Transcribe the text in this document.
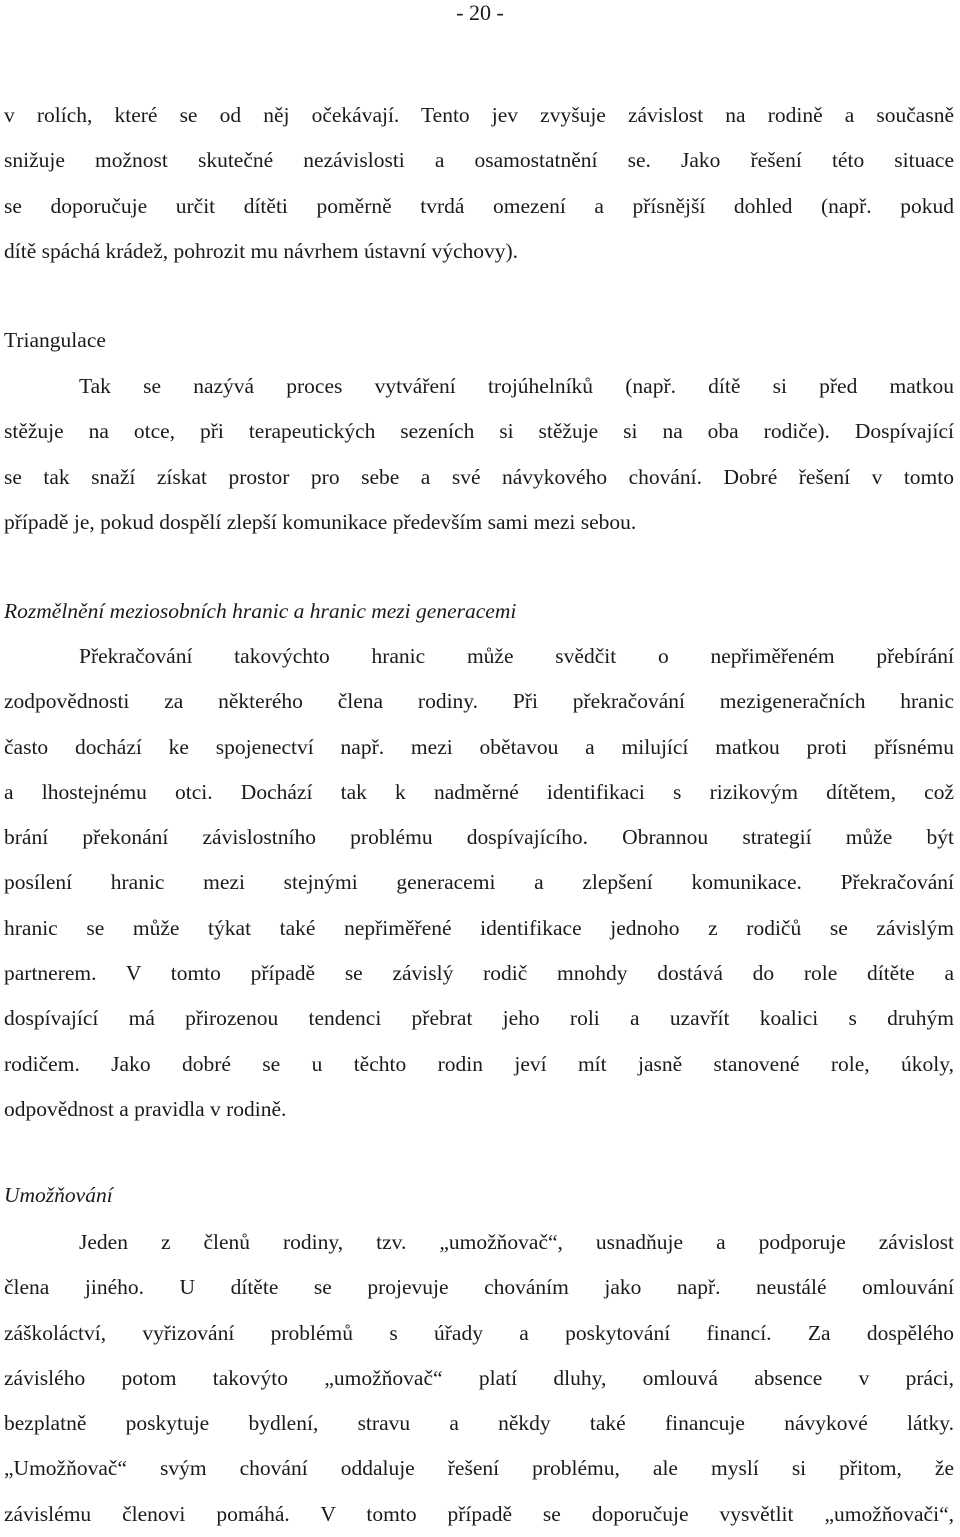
- 20 -
v rolích, které se od něj očekávají. Tento jev zvyšuje závislost na rodině a současně
snižuje možnost skutečné nezávislosti a osamostatnění se. Jako řešení této situace
se doporučuje určit dítěti poměrně tvrdá omezení a přísnější dohled (např. pokud
dítě spáchá krádež, pohrozit mu návrhem ústavní výchovy).
Triangulace
Tak se nazývá proces vytváření trojúhelníků (např. dítě si před matkou
stěžuje na otce, při terapeutických sezeních si stěžuje si na oba rodiče). Dospívající
se tak snaží získat prostor pro sebe a své návykového chování. Dobré řešení v tomto
případě je, pokud dospělí zlepší komunikace především sami mezi sebou.
Rozmělnění meziosobních hranic a hranic mezi generacemi
Překračování takovýchto hranic může svědčit o nepřiměřeném přebírání
zodpovědnosti za některého člena rodiny. Při překračování mezigeneračních hranic
často dochází ke spojenectví např. mezi obětavou a milující matkou proti přísnému
a lhostejnému otci. Dochází tak k nadměrné identifikaci s rizikovým dítětem, což
brání překonání závislostního problému dospívajícího. Obrannou strategií může být
posílení hranic mezi stejnými generacemi a zlepšení komunikace. Překračování
hranic se může týkat také nepřiměřené identifikace jednoho z rodičů se závislým
partnerem. V tomto případě se závislý rodič mnohdy dostává do role dítěte a
dospívající má přirozenou tendenci přebrat jeho roli a uzavřít koalici s druhým
rodičem. Jako dobré se u těchto rodin jeví mít jasně stanovené role, úkoly,
odpovědnost a pravidla v rodině.
Umožňování
Jeden z členů rodiny, tzv. „umožňovač“, usnadňuje a podporuje závislost
člena jiného. U dítěte se projevuje chováním jako např. neustálé omlouvání
záškoláctví, vyřizování problémů s úřady a poskytování financí. Za dospělého
závislého potom takovýto „umožňovač“ platí dluhy, omlouvá absence v práci,
bezplatně poskytuje bydlení, stravu a někdy také financuje návykové látky.
„Umožňovač“ svým chování oddaluje řešení problému, ale myslí si přitom, že
závislému členovi pomáhá. V tomto případě se doporučuje vysvětlit „umožňovači“,
